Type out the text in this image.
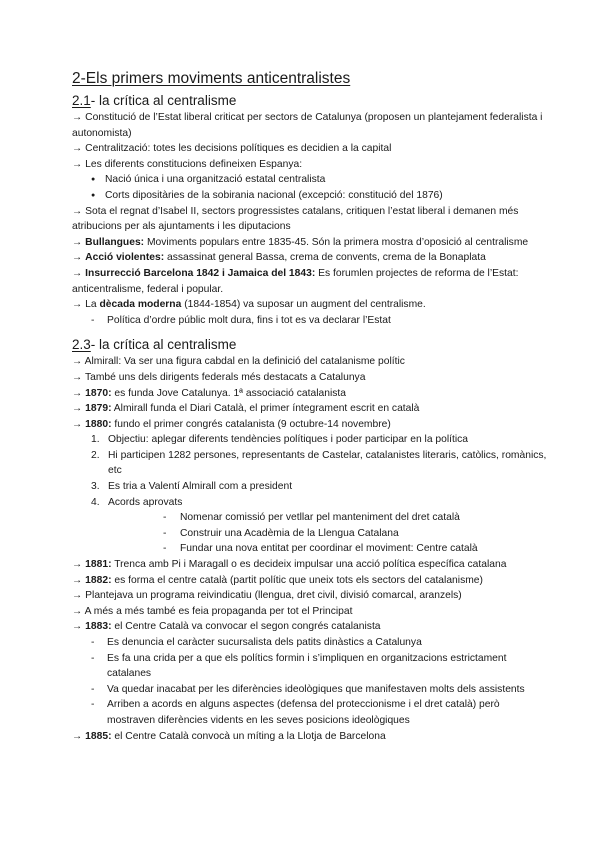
2-Els primers moviments anticentralistes
2.1- la crítica al centralisme

→ Constitució de l’Estat liberal criticat per sectors de Catalunya (proposen un plantejament federalista i autonomista)

→ Centralització: totes les decisions polítiques es decidien a la capital

→ Les diferents constitucions defineixen Espanya:

● Nació única i una organització estatal centralista
● Corts dipositàries de la sobirania nacional (excepció: constitució del 1876)

→ Sota el regnat d’Isabel II, sectors progressistes catalans, critiquen l’estat liberal i demanen més atribucions per als ajuntaments i les diputacions

→ Bullangues: Moviments populars entre 1835-45. Són la primera mostra d’oposició al centralisme

→ Acció violentes: assassinat general Bassa, crema de convents, crema de la Bonaplata

→ Insurrecció Barcelona 1842 i Jamaica del 1843: Es forumlen projectes de reforma de l’Estat: anticentralisme, federal i popular.

→ La dècada moderna (1844-1854) va suposar un augment del centralisme.

- Política d’ordre públic molt dura, fins i tot es va declarar l’Estat
2.3- la crítica al centralisme

→ Almirall: Va ser una figura cabdal en la definició del catalanisme polític

→ També uns dels dirigents federals més destacats a Catalunya

→ 1870: es funda Jove Catalunya. 1ª associació catalanista

→ 1879: Almirall funda el Diari Català, el primer íntegrament escrit en català

→ 1880: fundo el primer congrés catalanista (9 octubre-14 novembre)

1. Objectiu: aplegar diferents tendències polítiques i poder participar en la política
2. Hi participen 1282 persones, representants de Castelar, catalanistes literaris, catòlics, romànics, etc
3. Es tria a Valentí Almirall com a president
4. Acords aprovats
- Nomenar comissió per vetllar pel manteniment del dret català
- Construir una Acadèmia de la Llengua Catalana
- Fundar una nova entitat per coordinar el moviment: Centre català

→ 1881: Trenca amb Pi i Maragall o es decideix impulsar una acció política específica catalana

→ 1882: es forma el centre català (partit polític que uneix tots els sectors del catalanisme)

→ Plantejava un programa reivindicatiu (llengua, dret civil, divisió comarcal, aranzels)

→ A més a més també es feia propaganda per tot el Principat

→ 1883: el Centre Català va convocar el segon congrés catalanista

- Es denuncia el caràcter sucursalista dels patits dinàstics a Catalunya
- Es fa una crida per a que els polítics formin i s’impliquen en organitzacions estrictament catalanes
- Va quedar inacabat per les diferències ideològiques que manifestaven molts dels assistents
- Arriben a acords en alguns aspectes (defensa del proteccionisme i el dret català) però mostraven diferències vidents en les seves posicions ideològiques

→ 1885: el Centre Català convocà un míting a la Llotja de Barcelona
